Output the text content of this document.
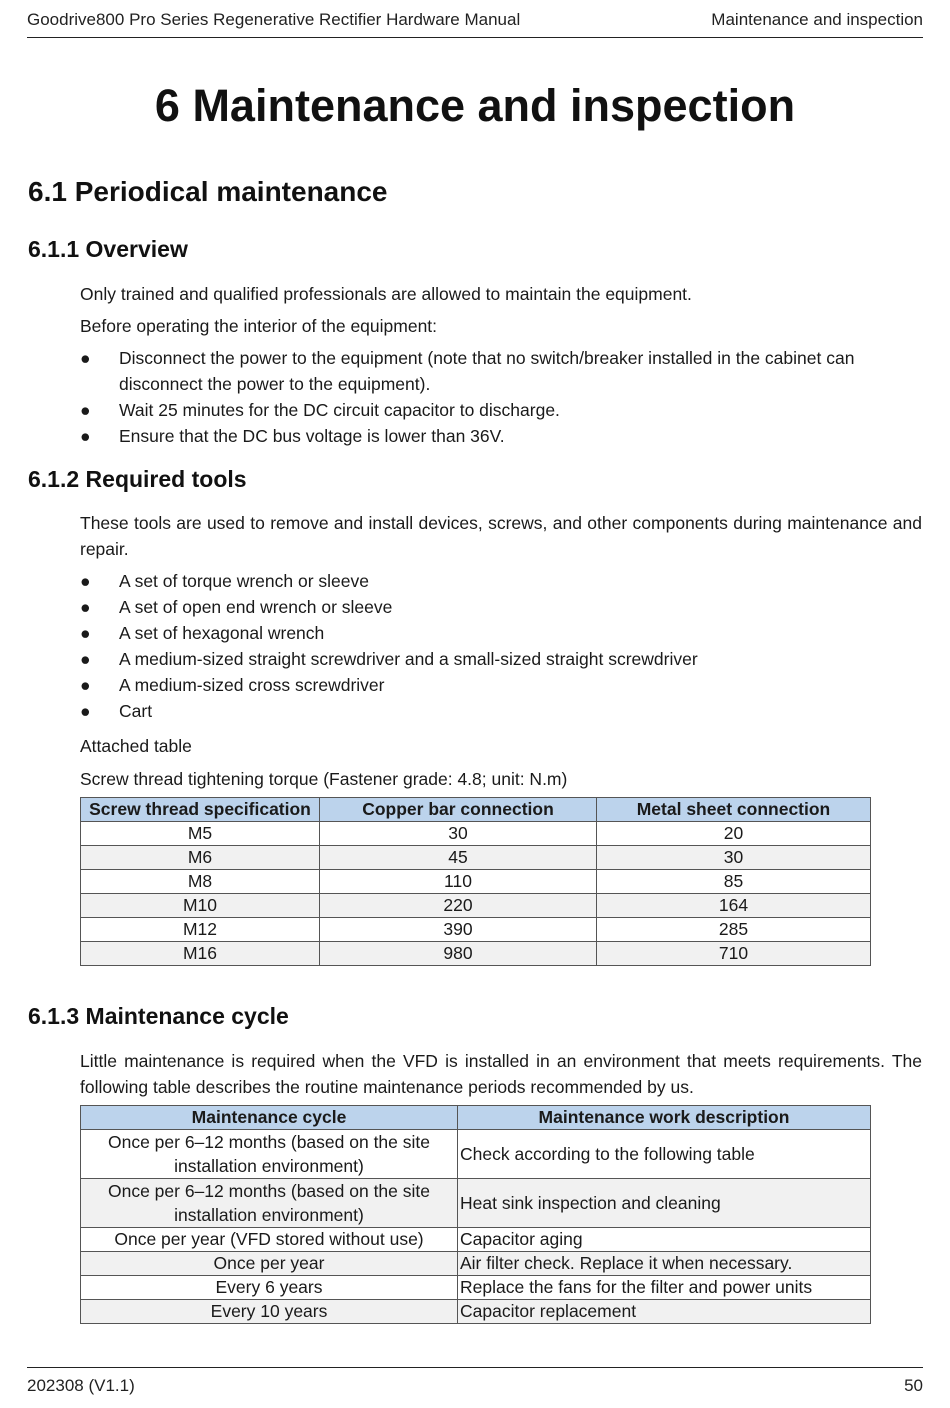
Goodrive800 Pro Series Regenerative Rectifier Hardware Manual	Maintenance and inspection
6 Maintenance and inspection
6.1 Periodical maintenance
6.1.1 Overview

Only trained and qualified professionals are allowed to maintain the equipment.

Before operating the interior of the equipment:

● Disconnect the power to the equipment (note that no switch/breaker installed in the cabinet can disconnect the power to the equipment).
● Wait 25 minutes for the DC circuit capacitor to discharge.
● Ensure that the DC bus voltage is lower than 36V.
6.1.2 Required tools

These tools are used to remove and install devices, screws, and other components during maintenance and repair.

● A set of torque wrench or sleeve
● A set of open end wrench or sleeve
● A set of hexagonal wrench
● A medium-sized straight screwdriver and a small-sized straight screwdriver
● A medium-sized cross screwdriver
● Cart

Attached table

Screw thread tightening torque (Fastener grade: 4.8; unit: N.m)

Screw thread specification	Copper bar connection	Metal sheet connection
M5	30	20
M6	45	30
M8	110	85
M10	220	164
M12	390	285
M16	980	710
6.1.3 Maintenance cycle

Little maintenance is required when the VFD is installed in an environment that meets requirements. The following table describes the routine maintenance periods recommended by us.

Maintenance cycle	Maintenance work description
Once per 6–12 months (based on the site installation environment)	Check according to the following table
Once per 6–12 months (based on the site installation environment)	Heat sink inspection and cleaning
Once per year (VFD stored without use)	Capacitor aging
Once per year	Air filter check. Replace it when necessary.
Every 6 years	Replace the fans for the filter and power units
Every 10 years	Capacitor replacement
202308 (V1.1)	50
